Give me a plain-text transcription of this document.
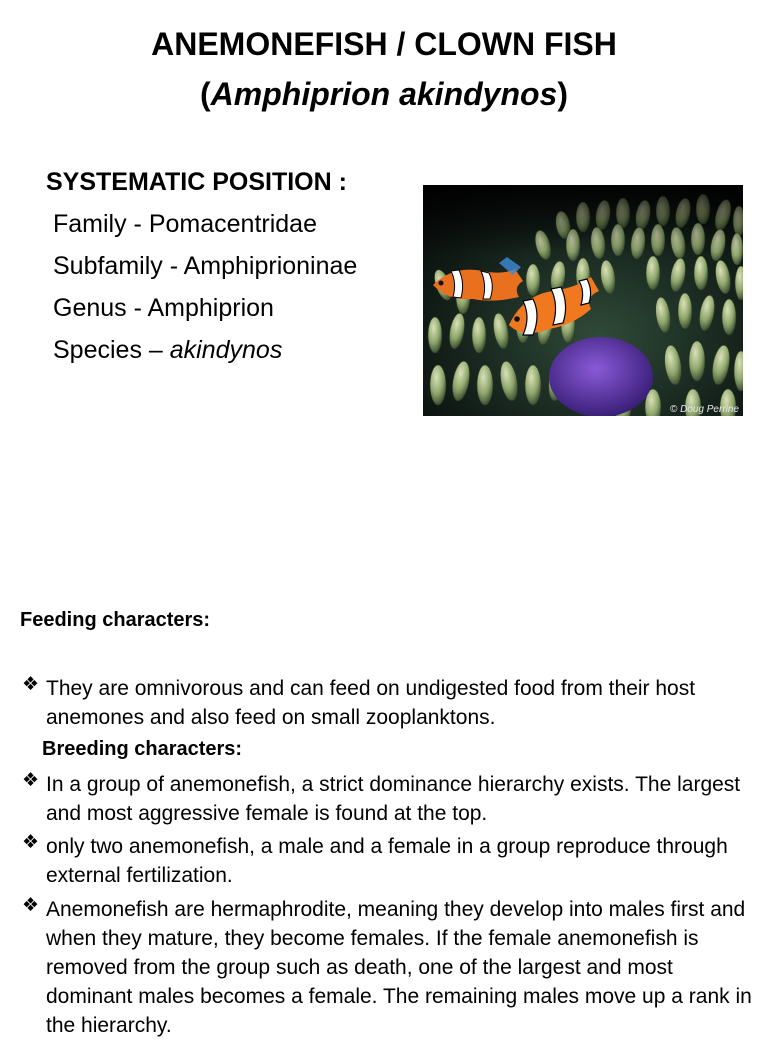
ANEMONEFISH / CLOWN FISH
(Amphiprion akindynos)
SYSTEMATIC POSITION :
Family - Pomacentridae
Subfamily - Amphiprioninae
Genus - Amphiprion
Species – akindynos
© Doug Perrine
Feeding characters:
❖ They are omnivorous and can feed on undigested food from their host anemones and also feed on small zooplanktons.
Breeding characters:
❖ In a group of anemonefish, a strict dominance hierarchy exists. The largest and most aggressive female is found at the top.
❖ only two anemonefish, a male and a female in a group reproduce through external fertilization.
❖ Anemonefish are hermaphrodite, meaning they develop into males first and when they mature, they become females. If the female anemonefish is removed from the group such as death, one of the largest and most dominant males becomes a female. The remaining males move up a rank in the hierarchy.
